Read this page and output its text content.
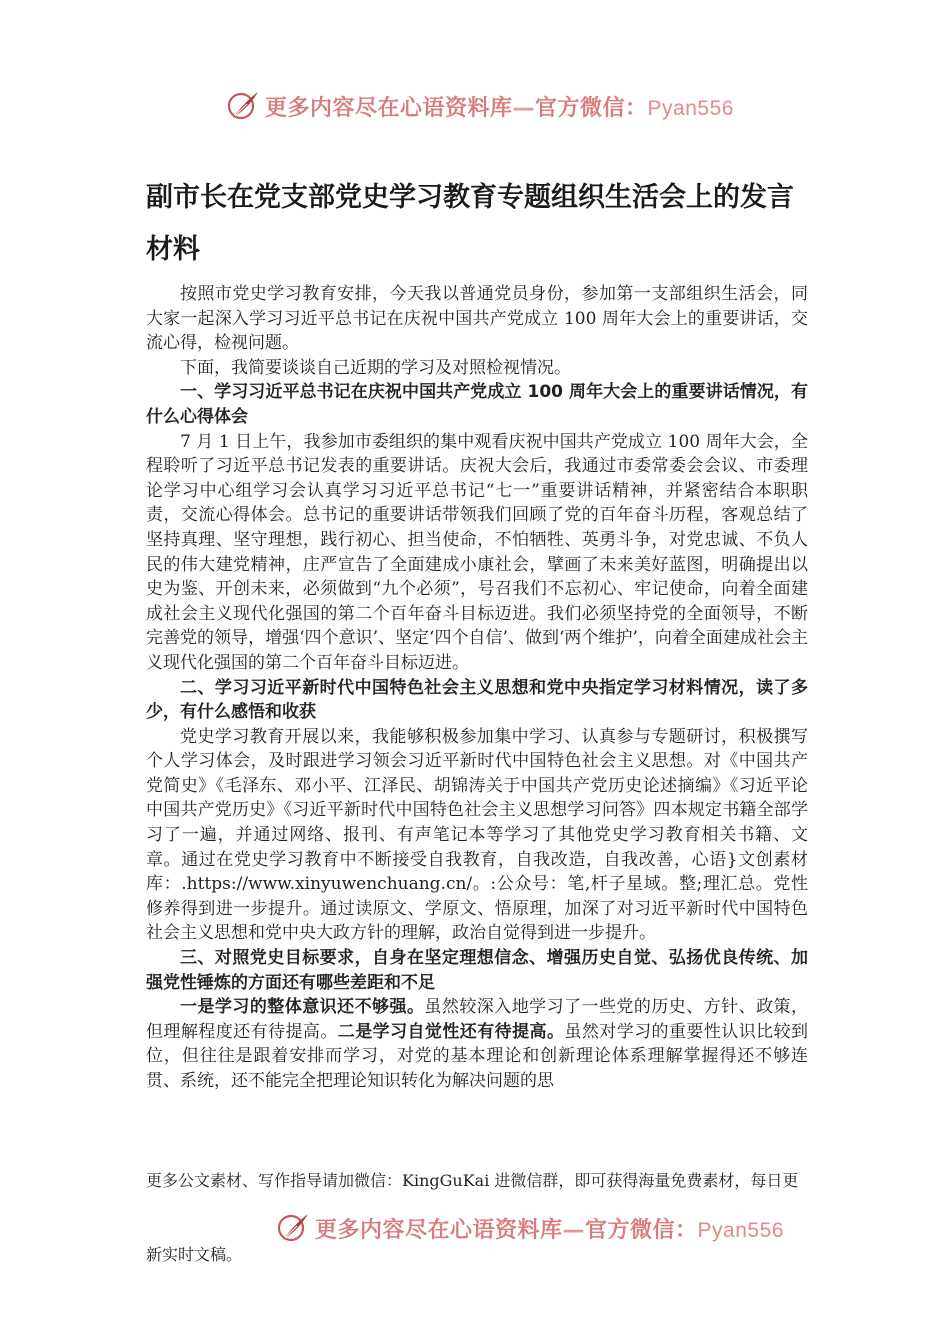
更多内容尽在心语资料库—官方微信：Pyan556
副市长在党支部党史学习教育专题组织生活会上的发言材料

按照市党史学习教育安排，今天我以普通党员身份，参加第一支部组织生活会，同大家一起深入学习习近平总书记在庆祝中国共产党成立 100 周年大会上的重要讲话，交流心得，检视问题。

下面，我简要谈谈自己近期的学习及对照检视情况。

一、学习习近平总书记在庆祝中国共产党成立 100 周年大会上的重要讲话情况，有什么心得体会

7 月 1 日上午，我参加市委组织的集中观看庆祝中国共产党成立 100 周年大会，全程聆听了习近平总书记发表的重要讲话。庆祝大会后，我通过市委常委会会议、市委理论学习中心组学习会认真学习习近平总书记“七一”重要讲话精神，并紧密结合本职职责，交流心得体会。总书记的重要讲话带领我们回顾了党的百年奋斗历程，客观总结了坚持真理、坚守理想，践行初心、担当使命，不怕牺牲、英勇斗争，对党忠诚、不负人民的伟大建党精神，庄严宣告了全面建成小康社会，擘画了未来美好蓝图，明确提出以史为鉴、开创未来，必须做到“九个必须”，号召我们不忘初心、牢记使命，向着全面建成社会主义现代化强国的第二个百年奋斗目标迈进。我们必须坚持党的全面领导，不断完善党的领导，增强‘四个意识’、坚定‘四个自信’、做到‘两个维护’，向着全面建成社会主义现代化强国的第二个百年奋斗目标迈进。

二、学习习近平新时代中国特色社会主义思想和党中央指定学习材料情况，读了多少，有什么感悟和收获

党史学习教育开展以来，我能够积极参加集中学习、认真参与专题研讨，积极撰写个人学习体会，及时跟进学习领会习近平新时代中国特色社会主义思想。对《中国共产党简史》《毛泽东、邓小平、江泽民、胡锦涛关于中国共产党历史论述摘编》《习近平论中国共产党历史》《习近平新时代中国特色社会主义思想学习问答》四本规定书籍全部学习了一遍，并通过网络、报刊、有声笔记本等学习了其他党史学习教育相关书籍、文章。通过在党史学习教育中不断接受自我教育，自我改造，自我改善，心语}文创素材库：.https://www.xinyuwenchuang.cn/。:公众号：笔,杆子星域。整;理汇总。党性修养得到进一步提升。通过读原文、学原文、悟原理，加深了对习近平新时代中国特色社会主义思想和党中央大政方针的理解，政治自觉得到进一步提升。

三、对照党史目标要求，自身在坚定理想信念、增强历史自觉、弘扬优良传统、加强党性锤炼的方面还有哪些差距和不足

一是学习的整体意识还不够强。虽然较深入地学习了一些党的历史、方针、政策，但理解程度还有待提高。二是学习自觉性还有待提高。虽然对学习的重要性认识比较到位，但往往是跟着安排而学习，对党的基本理论和创新理论体系理解掌握得还不够连贯、系统，还不能完全把理论知识转化为解决问题的思

更多公文素材、写作指导请加微信：KingGuKai 进微信群，即可获得海量免费素材，每日更

更多内容尽在心语资料库—官方微信：Pyan556

新实时文稿。
